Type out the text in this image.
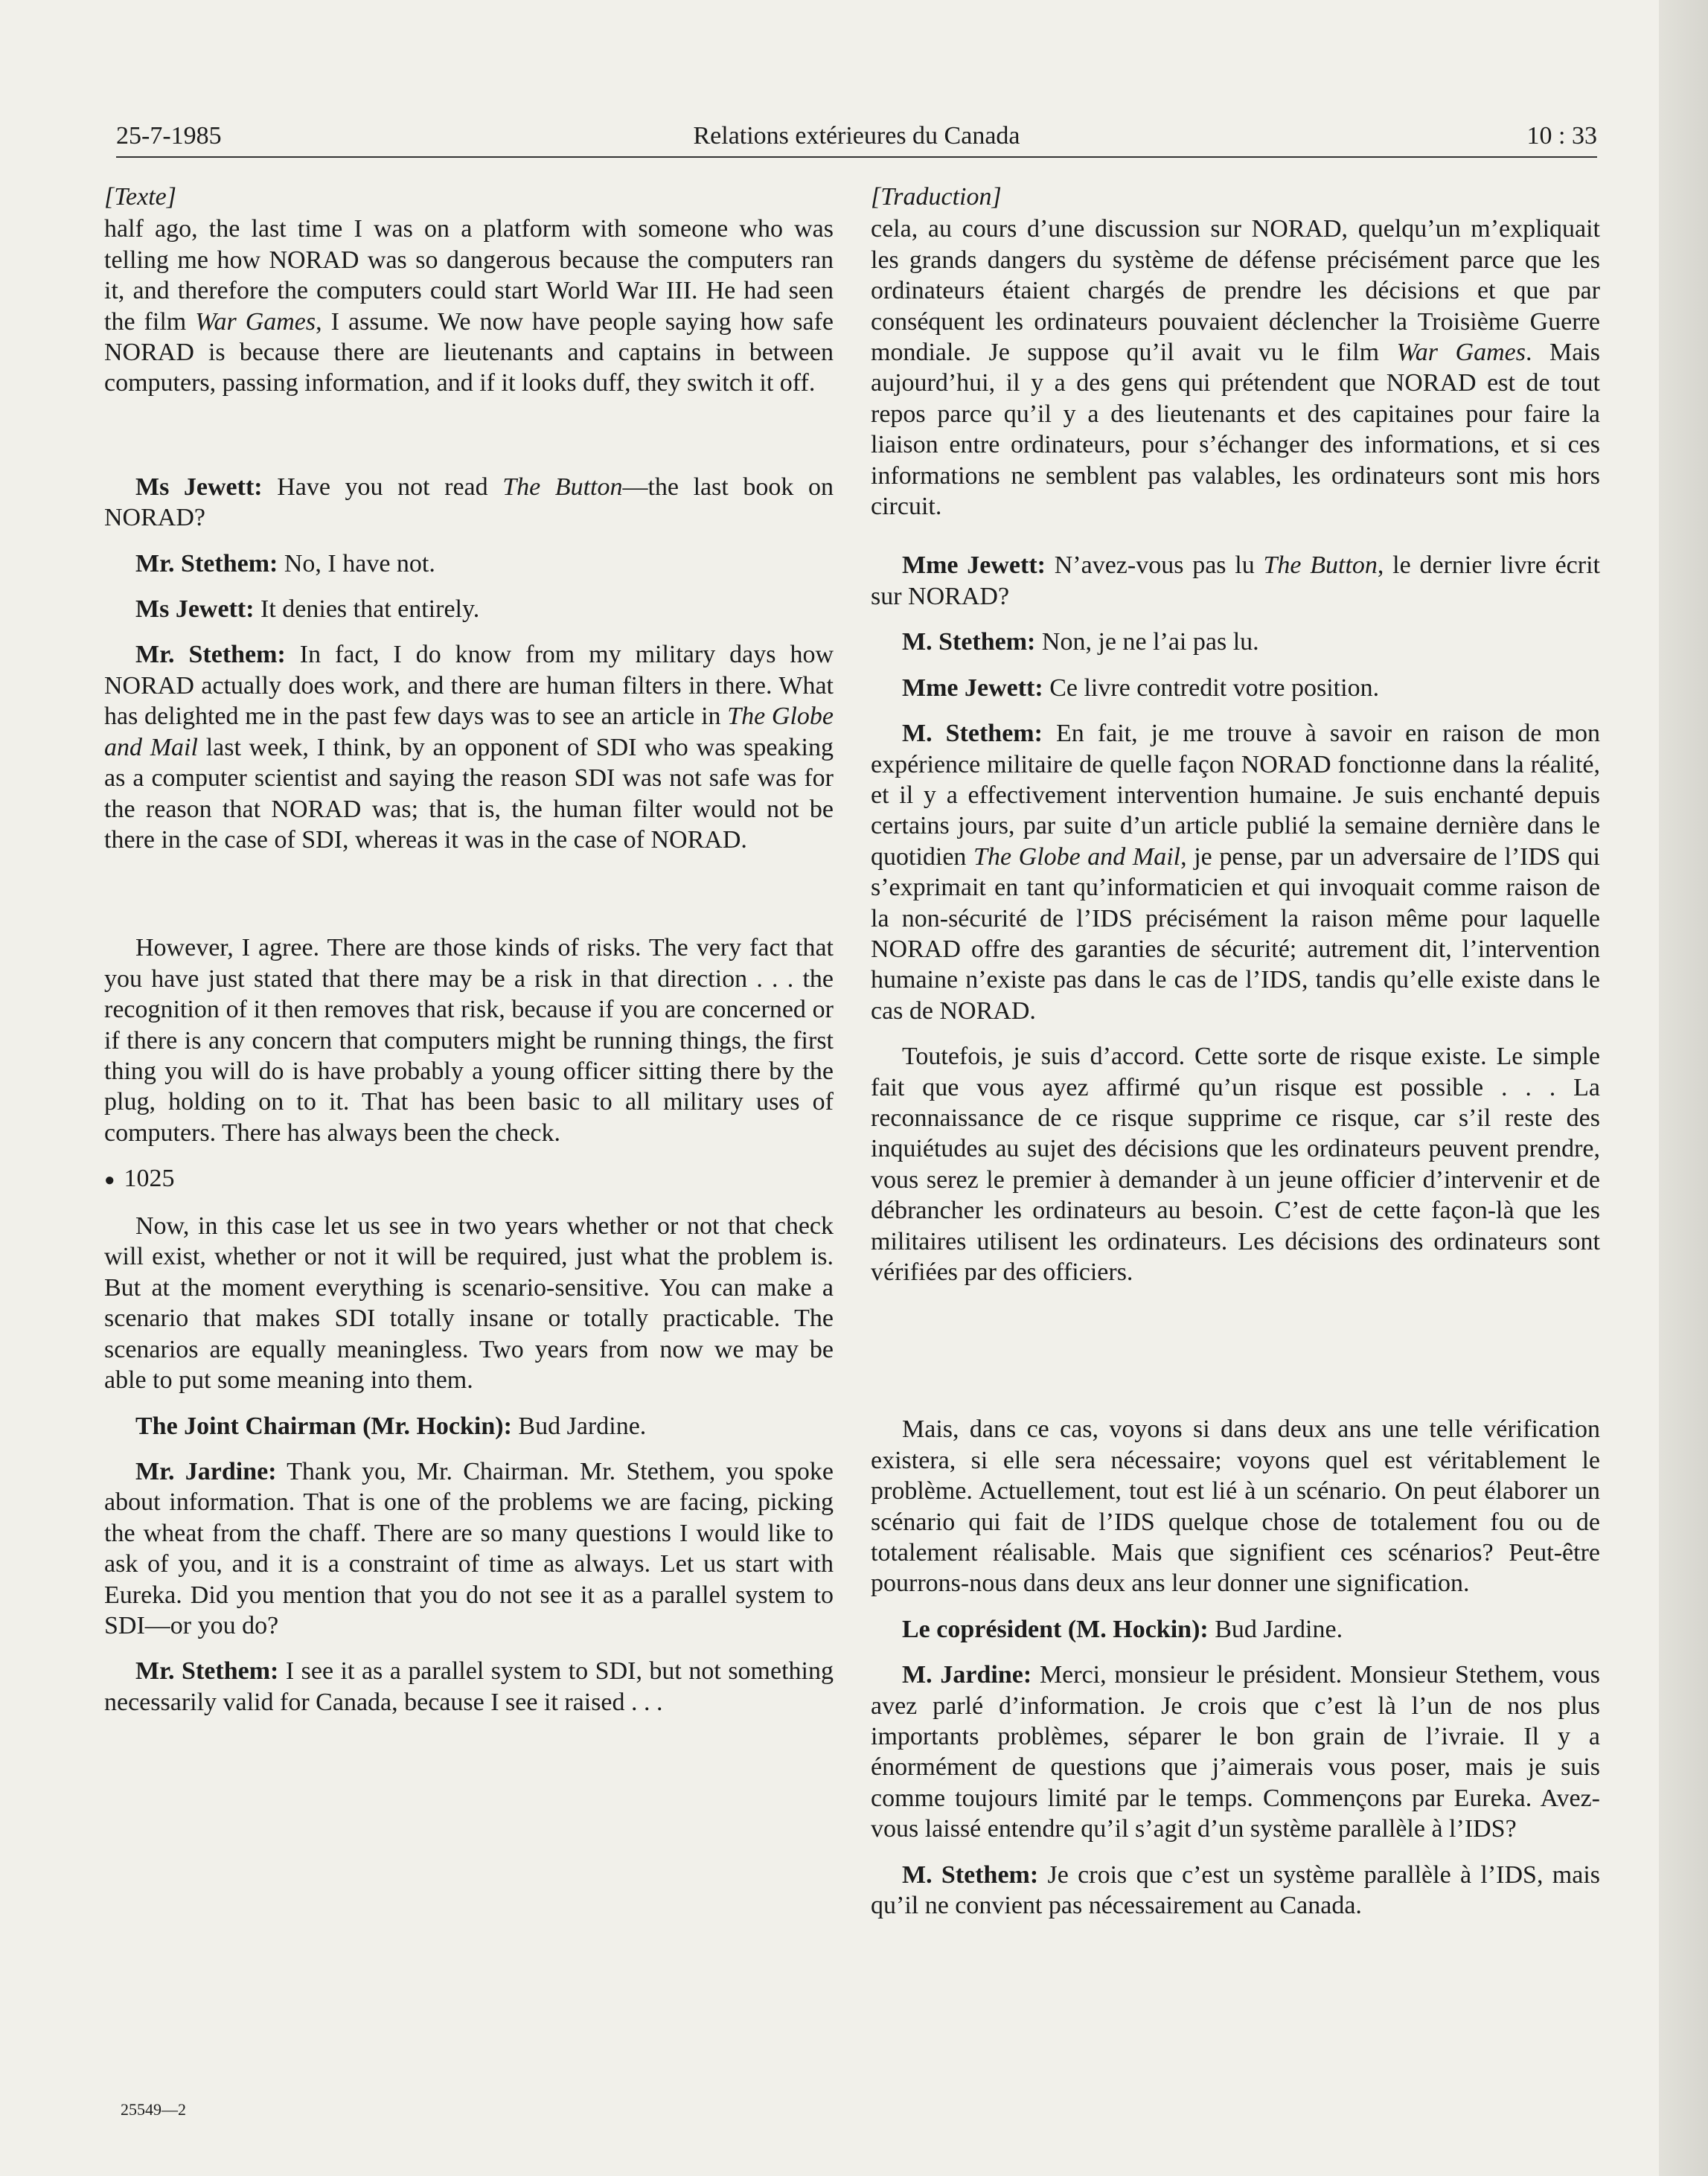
25-7-1985	Relations extérieures du Canada	10 : 33

[Texte]

half ago, the last time I was on a platform with someone who was telling me how NORAD was so dangerous because the computers ran it, and therefore the computers could start World War III. He had seen the film War Games, I assume. We now have people saying how safe NORAD is because there are lieutenants and captains in between computers, passing information, and if it looks duff, they switch it off.

Ms Jewett: Have you not read The Button—the last book on NORAD?

Mr. Stethem: No, I have not.

Ms Jewett: It denies that entirely.

Mr. Stethem: In fact, I do know from my military days how NORAD actually does work, and there are human filters in there. What has delighted me in the past few days was to see an article in The Globe and Mail last week, I think, by an opponent of SDI who was speaking as a computer scientist and saying the reason SDI was not safe was for the reason that NORAD was; that is, the human filter would not be there in the case of SDI, whereas it was in the case of NORAD.

However, I agree. There are those kinds of risks. The very fact that you have just stated that there may be a risk in that direction . . . the recognition of it then removes that risk, because if you are concerned or if there is any concern that computers might be running things, the first thing you will do is have probably a young officer sitting there by the plug, holding on to it. That has been basic to all military uses of computers. There has always been the check.

● 1025

Now, in this case let us see in two years whether or not that check will exist, whether or not it will be required, just what the problem is. But at the moment everything is scenario-sensitive. You can make a scenario that makes SDI totally insane or totally practicable. The scenarios are equally meaningless. Two years from now we may be able to put some meaning into them.

The Joint Chairman (Mr. Hockin): Bud Jardine.

Mr. Jardine: Thank you, Mr. Chairman. Mr. Stethem, you spoke about information. That is one of the problems we are facing, picking the wheat from the chaff. There are so many questions I would like to ask of you, and it is a constraint of time as always. Let us start with Eureka. Did you mention that you do not see it as a parallel system to SDI—or you do?

Mr. Stethem: I see it as a parallel system to SDI, but not something necessarily valid for Canada, because I see it raised . . .

[Traduction]

cela, au cours d’une discussion sur NORAD, quelqu’un m’expliquait les grands dangers du système de défense précisément parce que les ordinateurs étaient chargés de prendre les décisions et que par conséquent les ordinateurs pouvaient déclencher la Troisième Guerre mondiale. Je suppose qu’il avait vu le film War Games. Mais aujourd’hui, il y a des gens qui prétendent que NORAD est de tout repos parce qu’il y a des lieutenants et des capitaines pour faire la liaison entre ordinateurs, pour s’échanger des informations, et si ces informations ne semblent pas valables, les ordinateurs sont mis hors circuit.

Mme Jewett: N’avez-vous pas lu The Button, le dernier livre écrit sur NORAD?

M. Stethem: Non, je ne l’ai pas lu.

Mme Jewett: Ce livre contredit votre position.

M. Stethem: En fait, je me trouve à savoir en raison de mon expérience militaire de quelle façon NORAD fonctionne dans la réalité, et il y a effectivement intervention humaine. Je suis enchanté depuis certains jours, par suite d’un article publié la semaine dernière dans le quotidien The Globe and Mail, je pense, par un adversaire de l’IDS qui s’exprimait en tant qu’informaticien et qui invoquait comme raison de la non-sécurité de l’IDS précisément la raison même pour laquelle NORAD offre des garanties de sécurité; autrement dit, l’intervention humaine n’existe pas dans le cas de l’IDS, tandis qu’elle existe dans le cas de NORAD.

Toutefois, je suis d’accord. Cette sorte de risque existe. Le simple fait que vous ayez affirmé qu’un risque est possible . . . La reconnaissance de ce risque supprime ce risque, car s’il reste des inquiétudes au sujet des décisions que les ordinateurs peuvent prendre, vous serez le premier à demander à un jeune officier d’intervenir et de débrancher les ordinateurs au besoin. C’est de cette façon-là que les militaires utilisent les ordinateurs. Les décisions des ordinateurs sont vérifiées par des officiers.

Mais, dans ce cas, voyons si dans deux ans une telle vérification existera, si elle sera nécessaire; voyons quel est véritablement le problème. Actuellement, tout est lié à un scénario. On peut élaborer un scénario qui fait de l’IDS quelque chose de totalement fou ou de totalement réalisable. Mais que signifient ces scénarios? Peut-être pourrons-nous dans deux ans leur donner une signification.

Le coprésident (M. Hockin): Bud Jardine.

M. Jardine: Merci, monsieur le président. Monsieur Stethem, vous avez parlé d’information. Je crois que c’est là l’un de nos plus importants problèmes, séparer le bon grain de l’ivraie. Il y a énormément de questions que j’aimerais vous poser, mais je suis comme toujours limité par le temps. Commençons par Eureka. Avez-vous laissé entendre qu’il s’agit d’un système parallèle à l’IDS?

M. Stethem: Je crois que c’est un système parallèle à l’IDS, mais qu’il ne convient pas nécessairement au Canada.

25549—2
